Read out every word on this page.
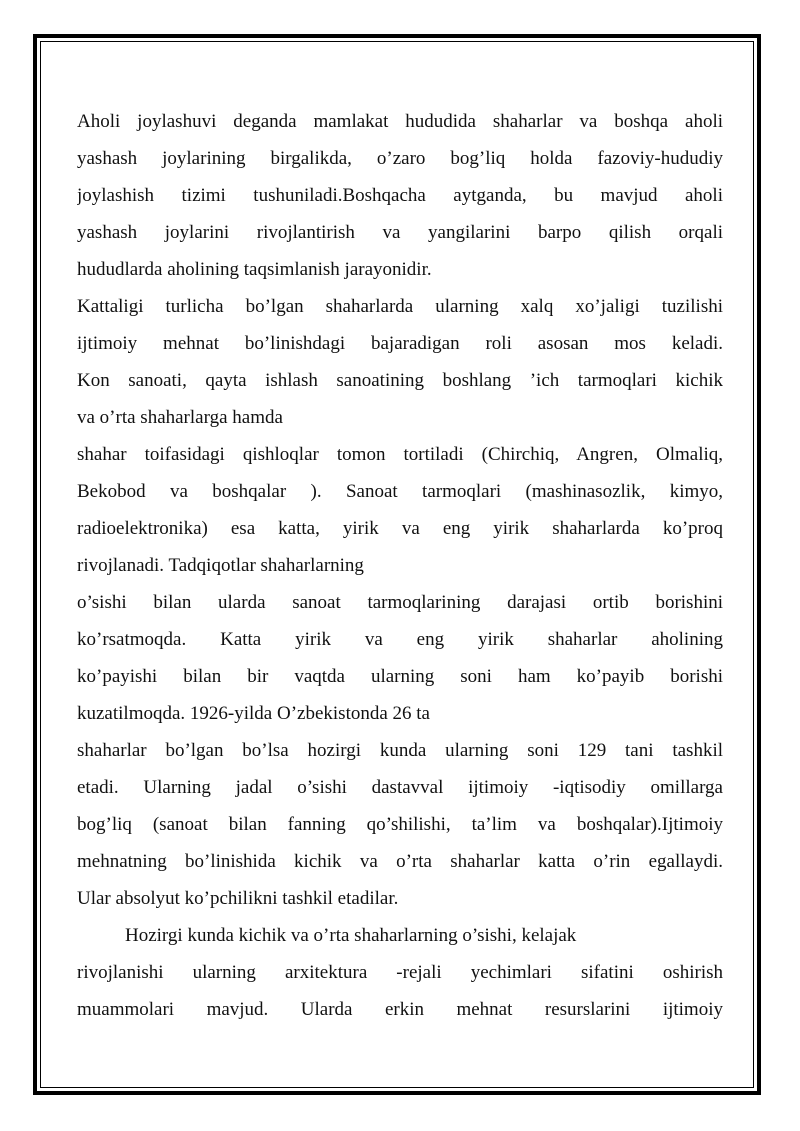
Aholi joylashuvi deganda mamlakat hududida shaharlar va boshqa aholi
yashash joylarining birgalikda, o’zaro bog’liq holda fazoviy-hududiy
joylashish tizimi tushuniladi.Boshqacha aytganda, bu mavjud aholi
yashash joylarini rivojlantirish va yangilarini barpo qilish orqali
hududlarda aholining taqsimlanish jarayonidir.
Kattaligi turlicha bo’lgan shaharlarda ularning xalq xo’jaligi tuzilishi
ijtimoiy mehnat bo’linishdagi bajaradigan roli asosan mos keladi.
Kon sanoati, qayta ishlash sanoatining boshlang ’ich tarmoqlari kichik
va o’rta shaharlarga hamda
shahar toifasidagi qishloqlar tomon tortiladi (Chirchiq, Angren, Olmaliq,
Bekobod va boshqalar ). Sanoat tarmoqlari (mashinasozlik, kimyo,
radioelektronika) esa katta, yirik va eng yirik shaharlarda ko’proq
rivojlanadi. Tadqiqotlar shaharlarning
o’sishi bilan ularda sanoat tarmoqlarining darajasi ortib borishini
ko’rsatmoqda. Katta yirik va eng yirik shaharlar aholining
ko’payishi bilan bir vaqtda ularning soni ham ko’payib borishi
kuzatilmoqda. 1926-yilda O’zbekistonda 26 ta
shaharlar bo’lgan bo’lsa hozirgi kunda ularning soni 129 tani tashkil
etadi. Ularning jadal o’sishi dastavval ijtimoiy -iqtisodiy omillarga
bog’liq (sanoat bilan fanning qo’shilishi, ta’lim va boshqalar).Ijtimoiy
mehnatning bo’linishida kichik va o’rta shaharlar katta o’rin egallaydi.
Ular absolyut ko’pchilikni tashkil etadilar.
Hozirgi kunda kichik va o’rta shaharlarning o’sishi, kelajak
rivojlanishi ularning arxitektura -rejali yechimlari sifatini oshirish
muammolari mavjud. Ularda erkin mehnat resurslarini ijtimoiy
